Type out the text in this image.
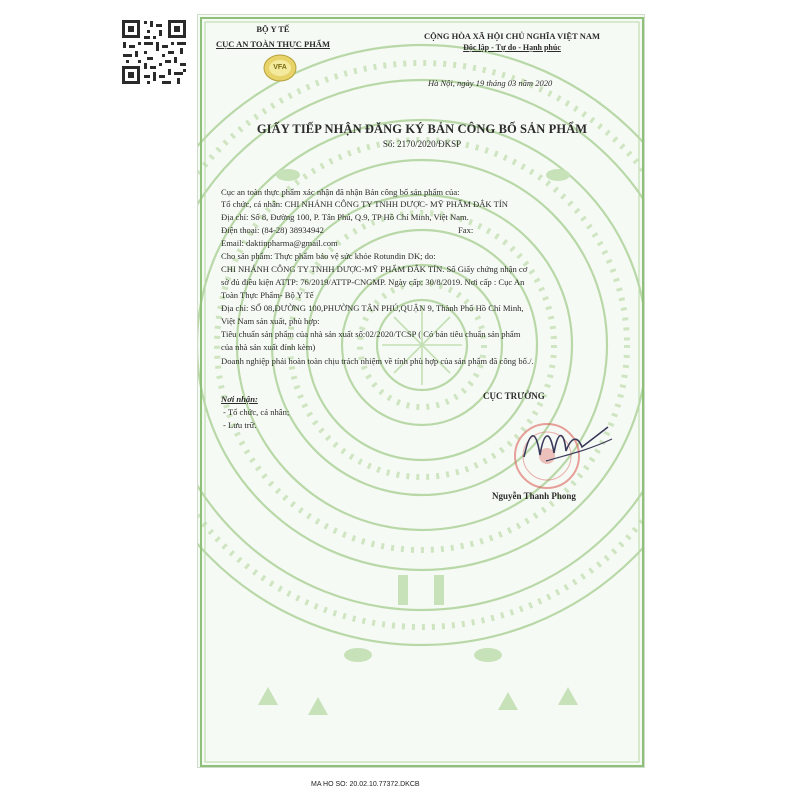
BỘ Y TẾ
CỤC AN TOÀN THỰC PHẨM
VFA
CỘNG HÒA XÃ HỘI CHỦ NGHĨA VIỆT NAM
Độc lập - Tự do - Hạnh phúc
Hà Nội, ngày 19 tháng 03 năm 2020
GIẤY TIẾP NHẬN ĐĂNG KÝ BẢN CÔNG BỐ SẢN PHẨM
Số: 2170/2020/ĐKSP
Cục an toàn thực phẩm xác nhận đã nhận Bản công bố sản phẩm của:
Tổ chức, cá nhân: CHI NHÁNH CÔNG TY TNHH DƯỢC- MỸ PHẨM ĐẮK TÍN
Địa chỉ: Số 8, Đường 100, P. Tân Phú, Q.9, TP Hồ Chí Minh, Việt Nam.
Điện thoại: (84-28) 38934942	Fax:
Email: daktinpharma@gmail.com
Cho sản phẩm: Thực phẩm bảo vệ sức khỏe Rotundin DK; do:
CHI NHÁNH CÔNG TY TNHH DƯỢC-MỸ PHẨM ĐẮK TÍN. Số Giấy chứng nhận cơ
sở đủ điều kiện ATTP: 76/2019/ATTP-CNGMP. Ngày cấp: 30/8/2019. Nơi cấp : Cục An
Toàn Thực Phẩm- Bộ Y Tế
Địa chỉ: SỐ 08,ĐƯỜNG 100,PHƯỜNG TÂN PHÚ,QUẬN 9, Thành Phố Hồ Chí Minh,
Việt Nam sản xuất, phù hợp:
Tiêu chuẩn sản phẩm của nhà sản xuất số:02/2020/TCSP ( Có bản tiêu chuẩn sản phẩm
của nhà sản xuất đính kèm)
Doanh nghiệp phải hoàn toàn chịu trách nhiệm về tính phù hợp của sản phẩm đã công bố./.
Nơi nhận:
- Tổ chức, cá nhân;
- Lưu trữ.
CỤC TRƯỞNG
Nguyễn Thanh Phong
MA HO SO: 20.02.10.77372.DKCB
